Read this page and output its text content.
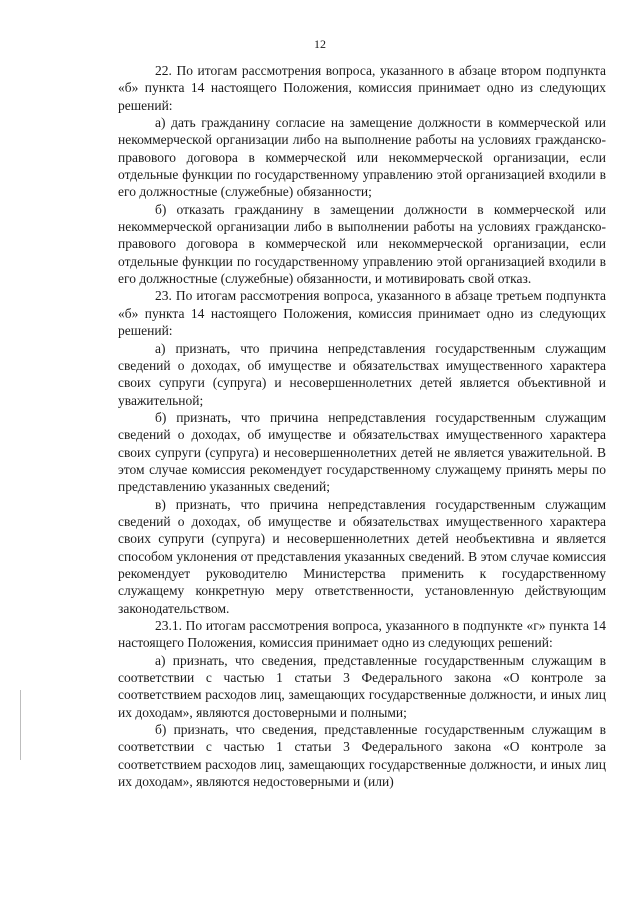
12

22. По итогам рассмотрения вопроса, указанного в абзаце втором подпункта «б» пункта 14 настоящего Положения, комиссия принимает одно из следующих решений:

а) дать гражданину согласие на замещение должности в коммерческой или некоммерческой организации либо на выполнение работы на условиях гражданско-правового договора в коммерческой или некоммерческой организации, если отдельные функции по государственному управлению этой организацией входили в его должностные (служебные) обязанности;

б) отказать гражданину в замещении должности в коммерческой или некоммерческой организации либо в выполнении работы на условиях гражданско-правового договора в коммерческой или некоммерческой организации, если отдельные функции по государственному управлению этой организацией входили в его должностные (служебные) обязанности, и мотивировать свой отказ.

23. По итогам рассмотрения вопроса, указанного в абзаце третьем подпункта «б» пункта 14 настоящего Положения, комиссия принимает одно из следующих решений:

а) признать, что причина непредставления государственным служащим сведений о доходах, об имуществе и обязательствах имущественного характера своих супруги (супруга) и несовершеннолетних детей является объективной и уважительной;

б) признать, что причина непредставления государственным служащим сведений о доходах, об имуществе и обязательствах имущественного характера своих супруги (супруга) и несовершеннолетних детей не является уважительной. В этом случае комиссия рекомендует государственному служащему принять меры по представлению указанных сведений;

в) признать, что причина непредставления государственным служащим сведений о доходах, об имуществе и обязательствах имущественного характера своих супруги (супруга) и несовершеннолетних детей необъективна и является способом уклонения от представления указанных сведений. В этом случае комиссия рекомендует руководителю Министерства применить к государственному служащему конкретную меру ответственности, установленную действующим законодательством.

23.1. По итогам рассмотрения вопроса, указанного в подпункте «г» пункта 14 настоящего Положения, комиссия принимает одно из следующих решений:

а) признать, что сведения, представленные государственным служащим в соответствии с частью 1 статьи 3 Федерального закона «О контроле за соответствием расходов лиц, замещающих государственные должности, и иных лиц их доходам», являются достоверными и полными;

б) признать, что сведения, представленные государственным служащим в соответствии с частью 1 статьи 3 Федерального закона «О контроле за соответствием расходов лиц, замещающих государственные должности, и иных лиц их доходам», являются недостоверными и (или)
